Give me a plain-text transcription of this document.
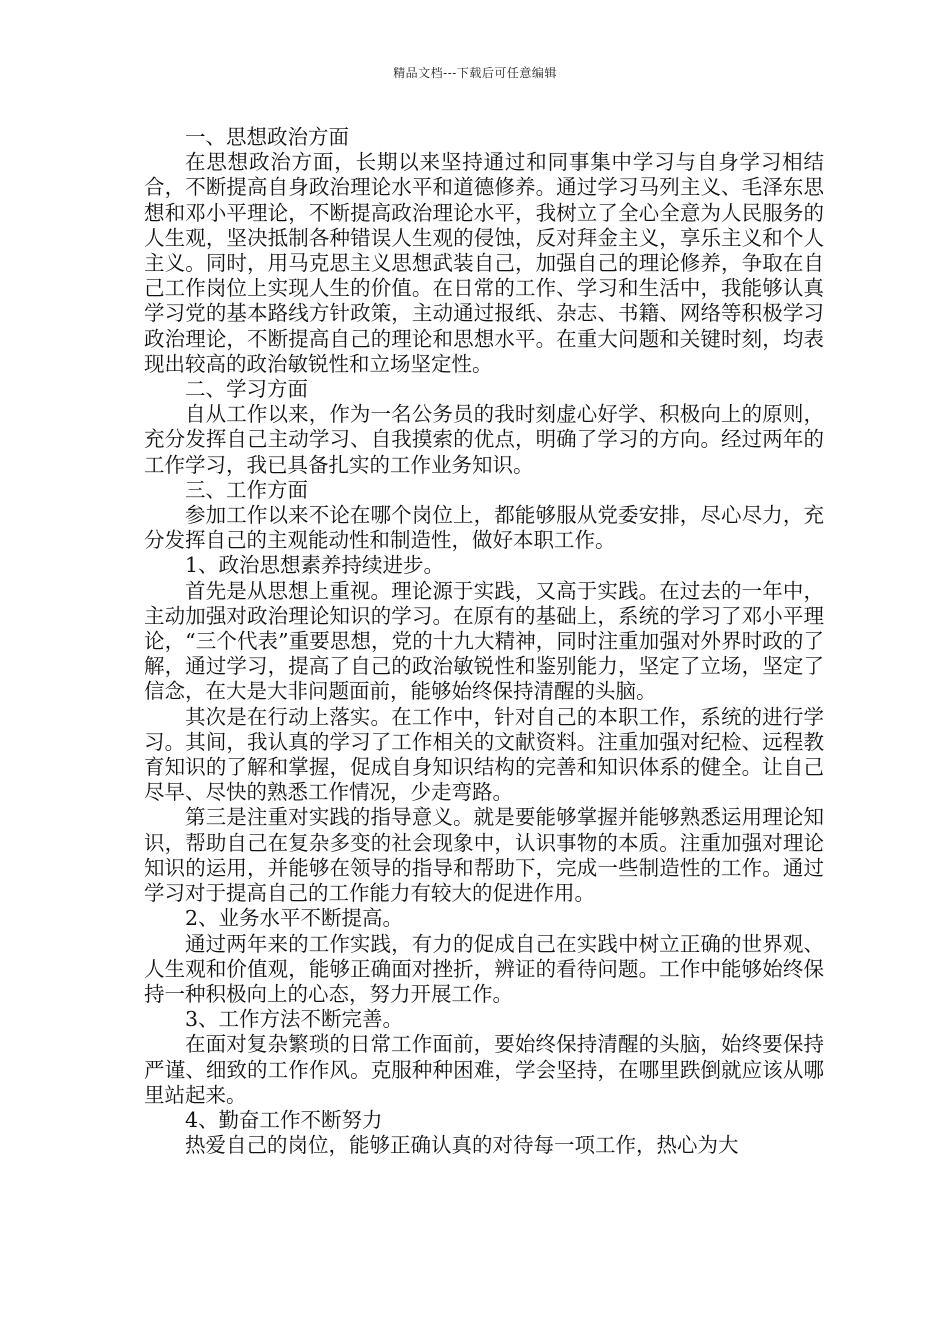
精品文档---下载后可任意编辑

一、思想政治方面

在思想政治方面，长期以来坚持通过和同事集中学习与自身学习相结合，不断提高自身政治理论水平和道德修养。通过学习马列主义、毛泽东思想和邓小平理论，不断提高政治理论水平，我树立了全心全意为人民服务的人生观，坚决抵制各种错误人生观的侵蚀，反对拜金主义，享乐主义和个人主义。同时，用马克思主义思想武装自己，加强自己的理论修养，争取在自己工作岗位上实现人生的价值。在日常的工作、学习和生活中，我能够认真学习党的基本路线方针政策，主动通过报纸、杂志、书籍、网络等积极学习政治理论，不断提高自己的理论和思想水平。在重大问题和关键时刻，均表现出较高的政治敏锐性和立场坚定性。

二、学习方面

自从工作以来，作为一名公务员的我时刻虚心好学、积极向上的原则，充分发挥自己主动学习、自我摸索的优点，明确了学习的方向。经过两年的工作学习，我已具备扎实的工作业务知识。

三、工作方面

参加工作以来不论在哪个岗位上，都能够服从党委安排，尽心尽力，充分发挥自己的主观能动性和制造性，做好本职工作。

1、政治思想素养持续进步。

首先是从思想上重视。理论源于实践，又高于实践。在过去的一年中，主动加强对政治理论知识的学习。在原有的基础上，系统的学习了邓小平理论，“三个代表”重要思想，党的十九大精神，同时注重加强对外界时政的了解，通过学习，提高了自己的政治敏锐性和鉴别能力，坚定了立场，坚定了信念，在大是大非问题面前，能够始终保持清醒的头脑。

其次是在行动上落实。在工作中，针对自己的本职工作，系统的进行学习。其间，我认真的学习了工作相关的文献资料。注重加强对纪检、远程教育知识的了解和掌握，促成自身知识结构的完善和知识体系的健全。让自己尽早、尽快的熟悉工作情况，少走弯路。

第三是注重对实践的指导意义。就是要能够掌握并能够熟悉运用理论知识，帮助自己在复杂多变的社会现象中，认识事物的本质。注重加强对理论知识的运用，并能够在领导的指导和帮助下，完成一些制造性的工作。通过学习对于提高自己的工作能力有较大的促进作用。

2、业务水平不断提高。

通过两年来的工作实践，有力的促成自己在实践中树立正确的世界观、人生观和价值观，能够正确面对挫折，辨证的看待问题。工作中能够始终保持一种积极向上的心态，努力开展工作。

3、工作方法不断完善。

在面对复杂繁琐的日常工作面前，要始终保持清醒的头脑，始终要保持严谨、细致的工作作风。克服种种困难，学会坚持，在哪里跌倒就应该从哪里站起来。

4、勤奋工作不断努力

热爱自己的岗位，能够正确认真的对待每一项工作，热心为大
